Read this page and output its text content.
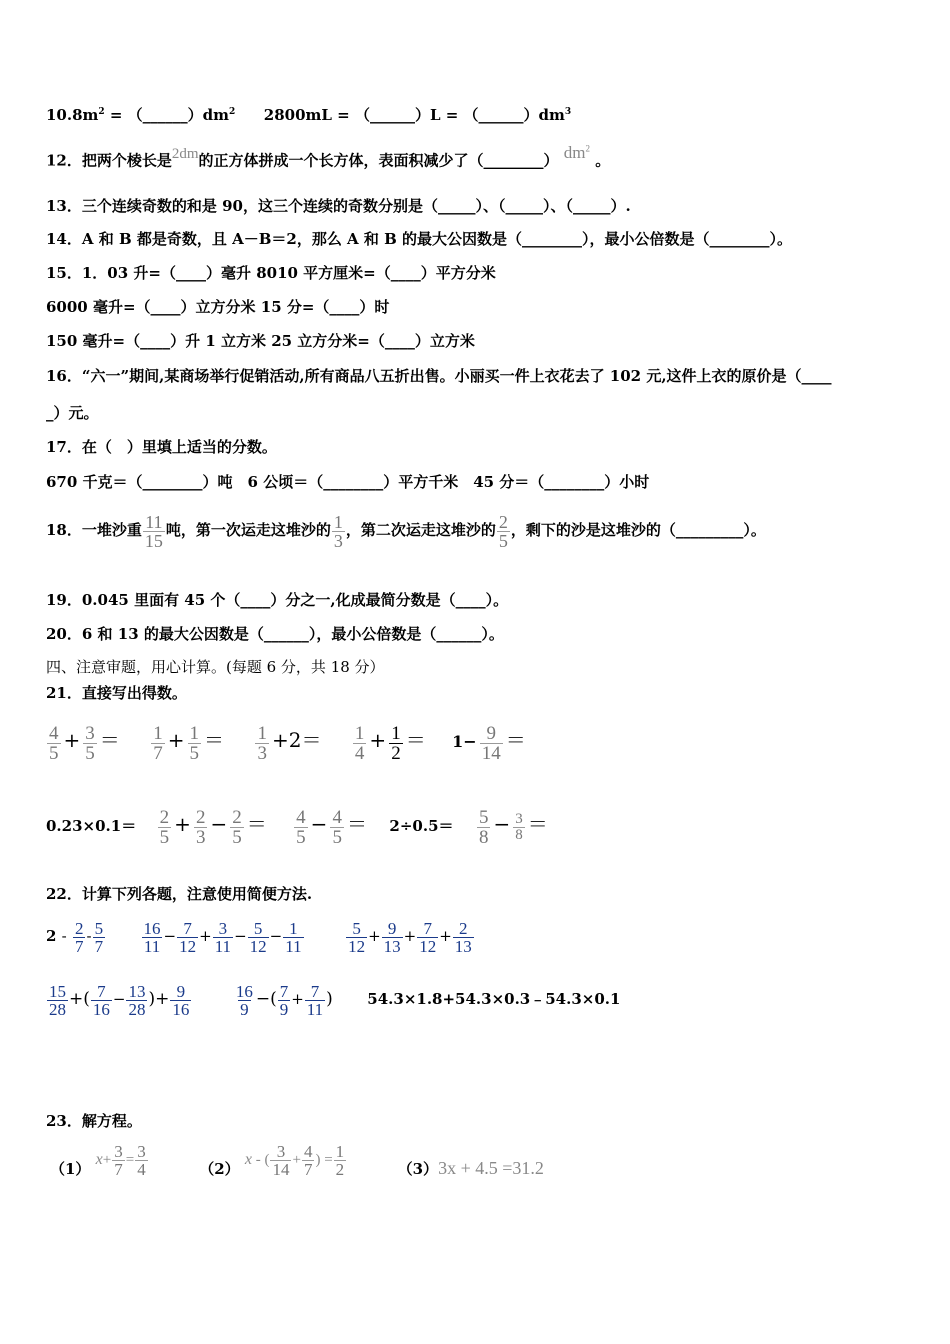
$10.8m^2$ = $(\_\_\_\_\_\_)dm^2$ 2800mL = （______）L = $(\_\_\_\_\_\_)dm^3$
12．把两个棱长是2dm的正方体拼成一个长方体，表面积减少了（________） $dm^2$ 。
13．三个连续奇数的和是 90，这三个连续的奇数分别是（_____）、（_____）、（_____）.
14．A 和 B 都是奇数，且 A－B＝2，那么 A 和 B 的最大公因数是（________），最小公倍数是（________）。
15．1．03 升=（____）毫升 8010 平方厘米=（____）平方分米
6000 毫升=（____）立方分米 15 分=（____）时
150 毫升=（____）升 1 立方米 25 立方分米=（____）立方米
16．“六一”期间,某商场举行促销活动,所有商品八五折出售。小丽买一件上衣花去了 102 元,这件上衣的原价是（____
_）元。
17．在（　）里填上适当的分数。
670 千克＝（________）吨　6 公顷＝（________）平方千米　45 分＝（________）小时
18．一堆沙重 $\frac{11}{15}$ 吨，第一次运走这堆沙的 $\frac{1}{3}$ ，第二次运走这堆沙的 $\frac{2}{5}$ ，剩下的沙是这堆沙的（_________）。
19．0.045 里面有 45 个（____）分之一,化成最简分数是（____）。
20．6 和 13 的最大公因数是（______），最小公倍数是（______）。
四、注意审题，用心计算。(每题 6 分，共 18 分）
21．直接写出得数。
$\frac{4}{5} + \frac{3}{5} = \frac{1}{7} + \frac{1}{5} = \frac{1}{3} +2= \frac{1}{4} + \frac{1}{2} = 1- \frac{9}{14}$ ＝
$0.23\times 0.1= \frac{2}{5} + \frac{2}{3} - \frac{2}{5} = \frac{4}{5} - \frac{4}{5} = 2\div 0.5= \frac{5}{8} - \frac{3}{8}$ ＝
22．计算下列各题，注意使用简便方法.
$2 - \frac{2}{7} - \frac{5}{7}$
$\frac{16}{11} - \frac{7}{12} + \frac{3}{11} - \frac{5}{12} - \frac{1}{11}$
$\frac{5}{12} + \frac{9}{13} + \frac{7}{12} + \frac{2}{13}$
$\frac{15}{28}$ +( $\frac{7}{16} - \frac{13}{28}$ )+ $\frac{9}{16}$
$\frac{16}{9}$ −( $\frac{7}{9} + \frac{7}{11}$ ) 54.3×1.8+54.3×0.3﹣54.3×0.1
23．解方程。
（1） $x+ \frac{3}{7} = \frac{3}{4}$	（2） x - ( $\frac{3}{14} + \frac{4}{7}$ ) = $\frac{1}{2}$	（3）3x + 4.5 =31.2
